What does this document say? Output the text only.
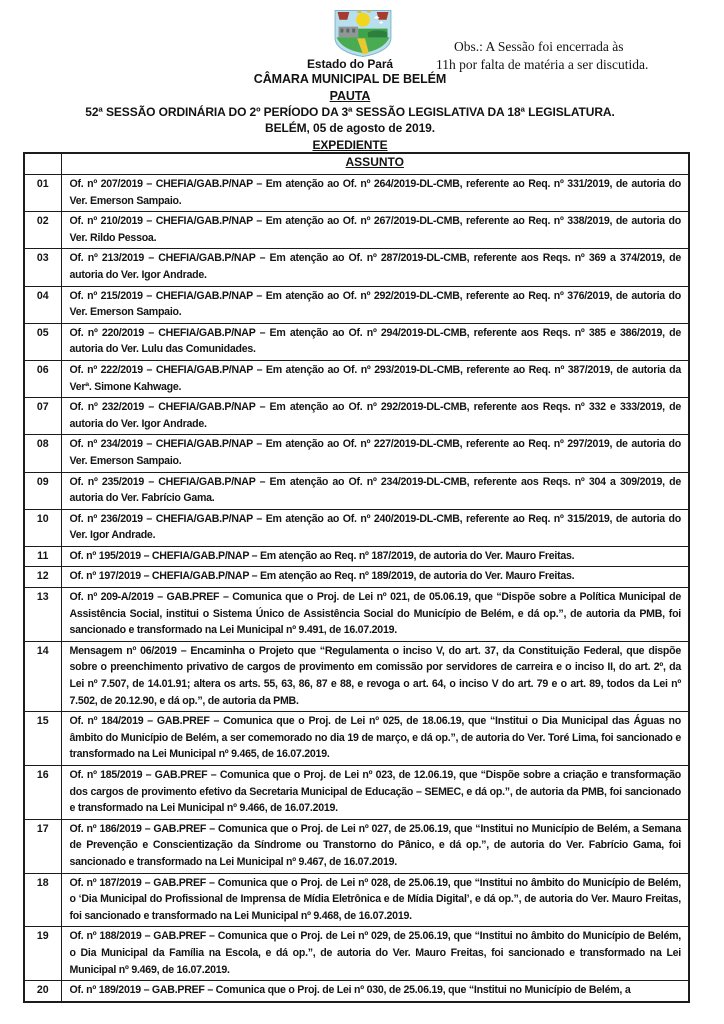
Obs.: A Sessão foi encerrada às
11h por falta de matéria a ser discutida.
Estado do Pará
CÂMARA MUNICIPAL DE BELÉM
PAUTA
52ª SESSÃO ORDINÁRIA DO 2º PERÍODO DA 3ª SESSÃO LEGISLATIVA DA 18ª LEGISLATURA.
BELÉM, 05 de agosto de 2019.
EXPEDIENTE
	ASSUNTO
01	Of. nº 207/2019 – CHEFIA/GAB.P/NAP – Em atenção ao Of. nº 264/2019-DL-CMB, referente ao Req. nº 331/2019, de autoria do Ver. Emerson Sampaio.
02	Of. nº 210/2019 – CHEFIA/GAB.P/NAP – Em atenção ao Of. nº 267/2019-DL-CMB, referente ao Req. nº 338/2019, de autoria do Ver. Rildo Pessoa.
03	Of. nº 213/2019 – CHEFIA/GAB.P/NAP – Em atenção ao Of. nº 287/2019-DL-CMB, referente aos Reqs. nº 369 a 374/2019, de autoria do Ver. Igor Andrade.
04	Of. nº 215/2019 – CHEFIA/GAB.P/NAP – Em atenção ao Of. nº 292/2019-DL-CMB, referente ao Req. nº 376/2019, de autoria do Ver. Emerson Sampaio.
05	Of. nº 220/2019 – CHEFIA/GAB.P/NAP – Em atenção ao Of. nº 294/2019-DL-CMB, referente aos Reqs. nº 385 e 386/2019, de autoria do Ver. Lulu das Comunidades.
06	Of. nº 222/2019 – CHEFIA/GAB.P/NAP – Em atenção ao Of. nº 293/2019-DL-CMB, referente ao Req. nº 387/2019, de autoria da Verª. Simone Kahwage.
07	Of. nº 232/2019 – CHEFIA/GAB.P/NAP – Em atenção ao Of. nº 292/2019-DL-CMB, referente aos Reqs. nº 332 e 333/2019, de autoria do Ver. Igor Andrade.
08	Of. nº 234/2019 – CHEFIA/GAB.P/NAP – Em atenção ao Of. nº 227/2019-DL-CMB, referente ao Req. nº 297/2019, de autoria do Ver. Emerson Sampaio.
09	Of. nº 235/2019 – CHEFIA/GAB.P/NAP – Em atenção ao Of. nº 234/2019-DL-CMB, referente aos Reqs. nº 304 a 309/2019, de autoria do Ver. Fabrício Gama.
10	Of. nº 236/2019 – CHEFIA/GAB.P/NAP – Em atenção ao Of. nº 240/2019-DL-CMB, referente ao Req. nº 315/2019, de autoria do Ver. Igor Andrade.
11	Of. nº 195/2019 – CHEFIA/GAB.P/NAP – Em atenção ao Req. nº 187/2019, de autoria do Ver. Mauro Freitas.
12	Of. nº 197/2019 – CHEFIA/GAB.P/NAP – Em atenção ao Req. nº 189/2019, de autoria do Ver. Mauro Freitas.
13	Of. nº 209-A/2019 – GAB.PREF – Comunica que o Proj. de Lei nº 021, de 05.06.19, que “Dispõe sobre a Política Municipal de Assistência Social, institui o Sistema Único de Assistência Social do Município de Belém, e dá op.”, de autoria da PMB, foi sancionado e transformado na Lei Municipal nº 9.491, de 16.07.2019.
14	Mensagem nº 06/2019 – Encaminha o Projeto que “Regulamenta o inciso V, do art. 37, da Constituição Federal, que dispõe sobre o preenchimento privativo de cargos de provimento em comissão por servidores de carreira e o inciso II, do art. 2º, da Lei nº 7.507, de 14.01.91; altera os arts. 55, 63, 86, 87 e 88, e revoga o art. 64, o inciso V do art. 79 e o art. 89, todos da Lei nº 7.502, de 20.12.90, e dá op.”, de autoria da PMB.
15	Of. nº 184/2019 – GAB.PREF – Comunica que o Proj. de Lei nº 025, de 18.06.19, que “Institui o Dia Municipal das Águas no âmbito do Município de Belém, a ser comemorado no dia 19 de março, e dá op.”, de autoria do Ver. Toré Lima, foi sancionado e transformado na Lei Municipal nº 9.465, de 16.07.2019.
16	Of. nº 185/2019 – GAB.PREF – Comunica que o Proj. de Lei nº 023, de 12.06.19, que “Dispõe sobre a criação e transformação dos cargos de provimento efetivo da Secretaria Municipal de Educação – SEMEC, e dá op.”, de autoria da PMB, foi sancionado e transformado na Lei Municipal nº 9.466, de 16.07.2019.
17	Of. nº 186/2019 – GAB.PREF – Comunica que o Proj. de Lei nº 027, de 25.06.19, que “Institui no Município de Belém, a Semana de Prevenção e Conscientização da Síndrome ou Transtorno do Pânico, e dá op.”, de autoria do Ver. Fabrício Gama, foi sancionado e transformado na Lei Municipal nº 9.467, de 16.07.2019.
18	Of. nº 187/2019 – GAB.PREF – Comunica que o Proj. de Lei nº 028, de 25.06.19, que “Institui no âmbito do Município de Belém, o ‘Dia Municipal do Profissional de Imprensa de Mídia Eletrônica e de Mídia Digital’, e dá op.”, de autoria do Ver. Mauro Freitas, foi sancionado e transformado na Lei Municipal nº 9.468, de 16.07.2019.
19	Of. nº 188/2019 – GAB.PREF – Comunica que o Proj. de Lei nº 029, de 25.06.19, que “Institui no âmbito do Município de Belém, o Dia Municipal da Família na Escola, e dá op.”, de autoria do Ver. Mauro Freitas, foi sancionado e transformado na Lei Municipal nº 9.469, de 16.07.2019.
20	Of. nº 189/2019 – GAB.PREF – Comunica que o Proj. de Lei nº 030, de 25.06.19, que “Institui no Município de Belém, a
